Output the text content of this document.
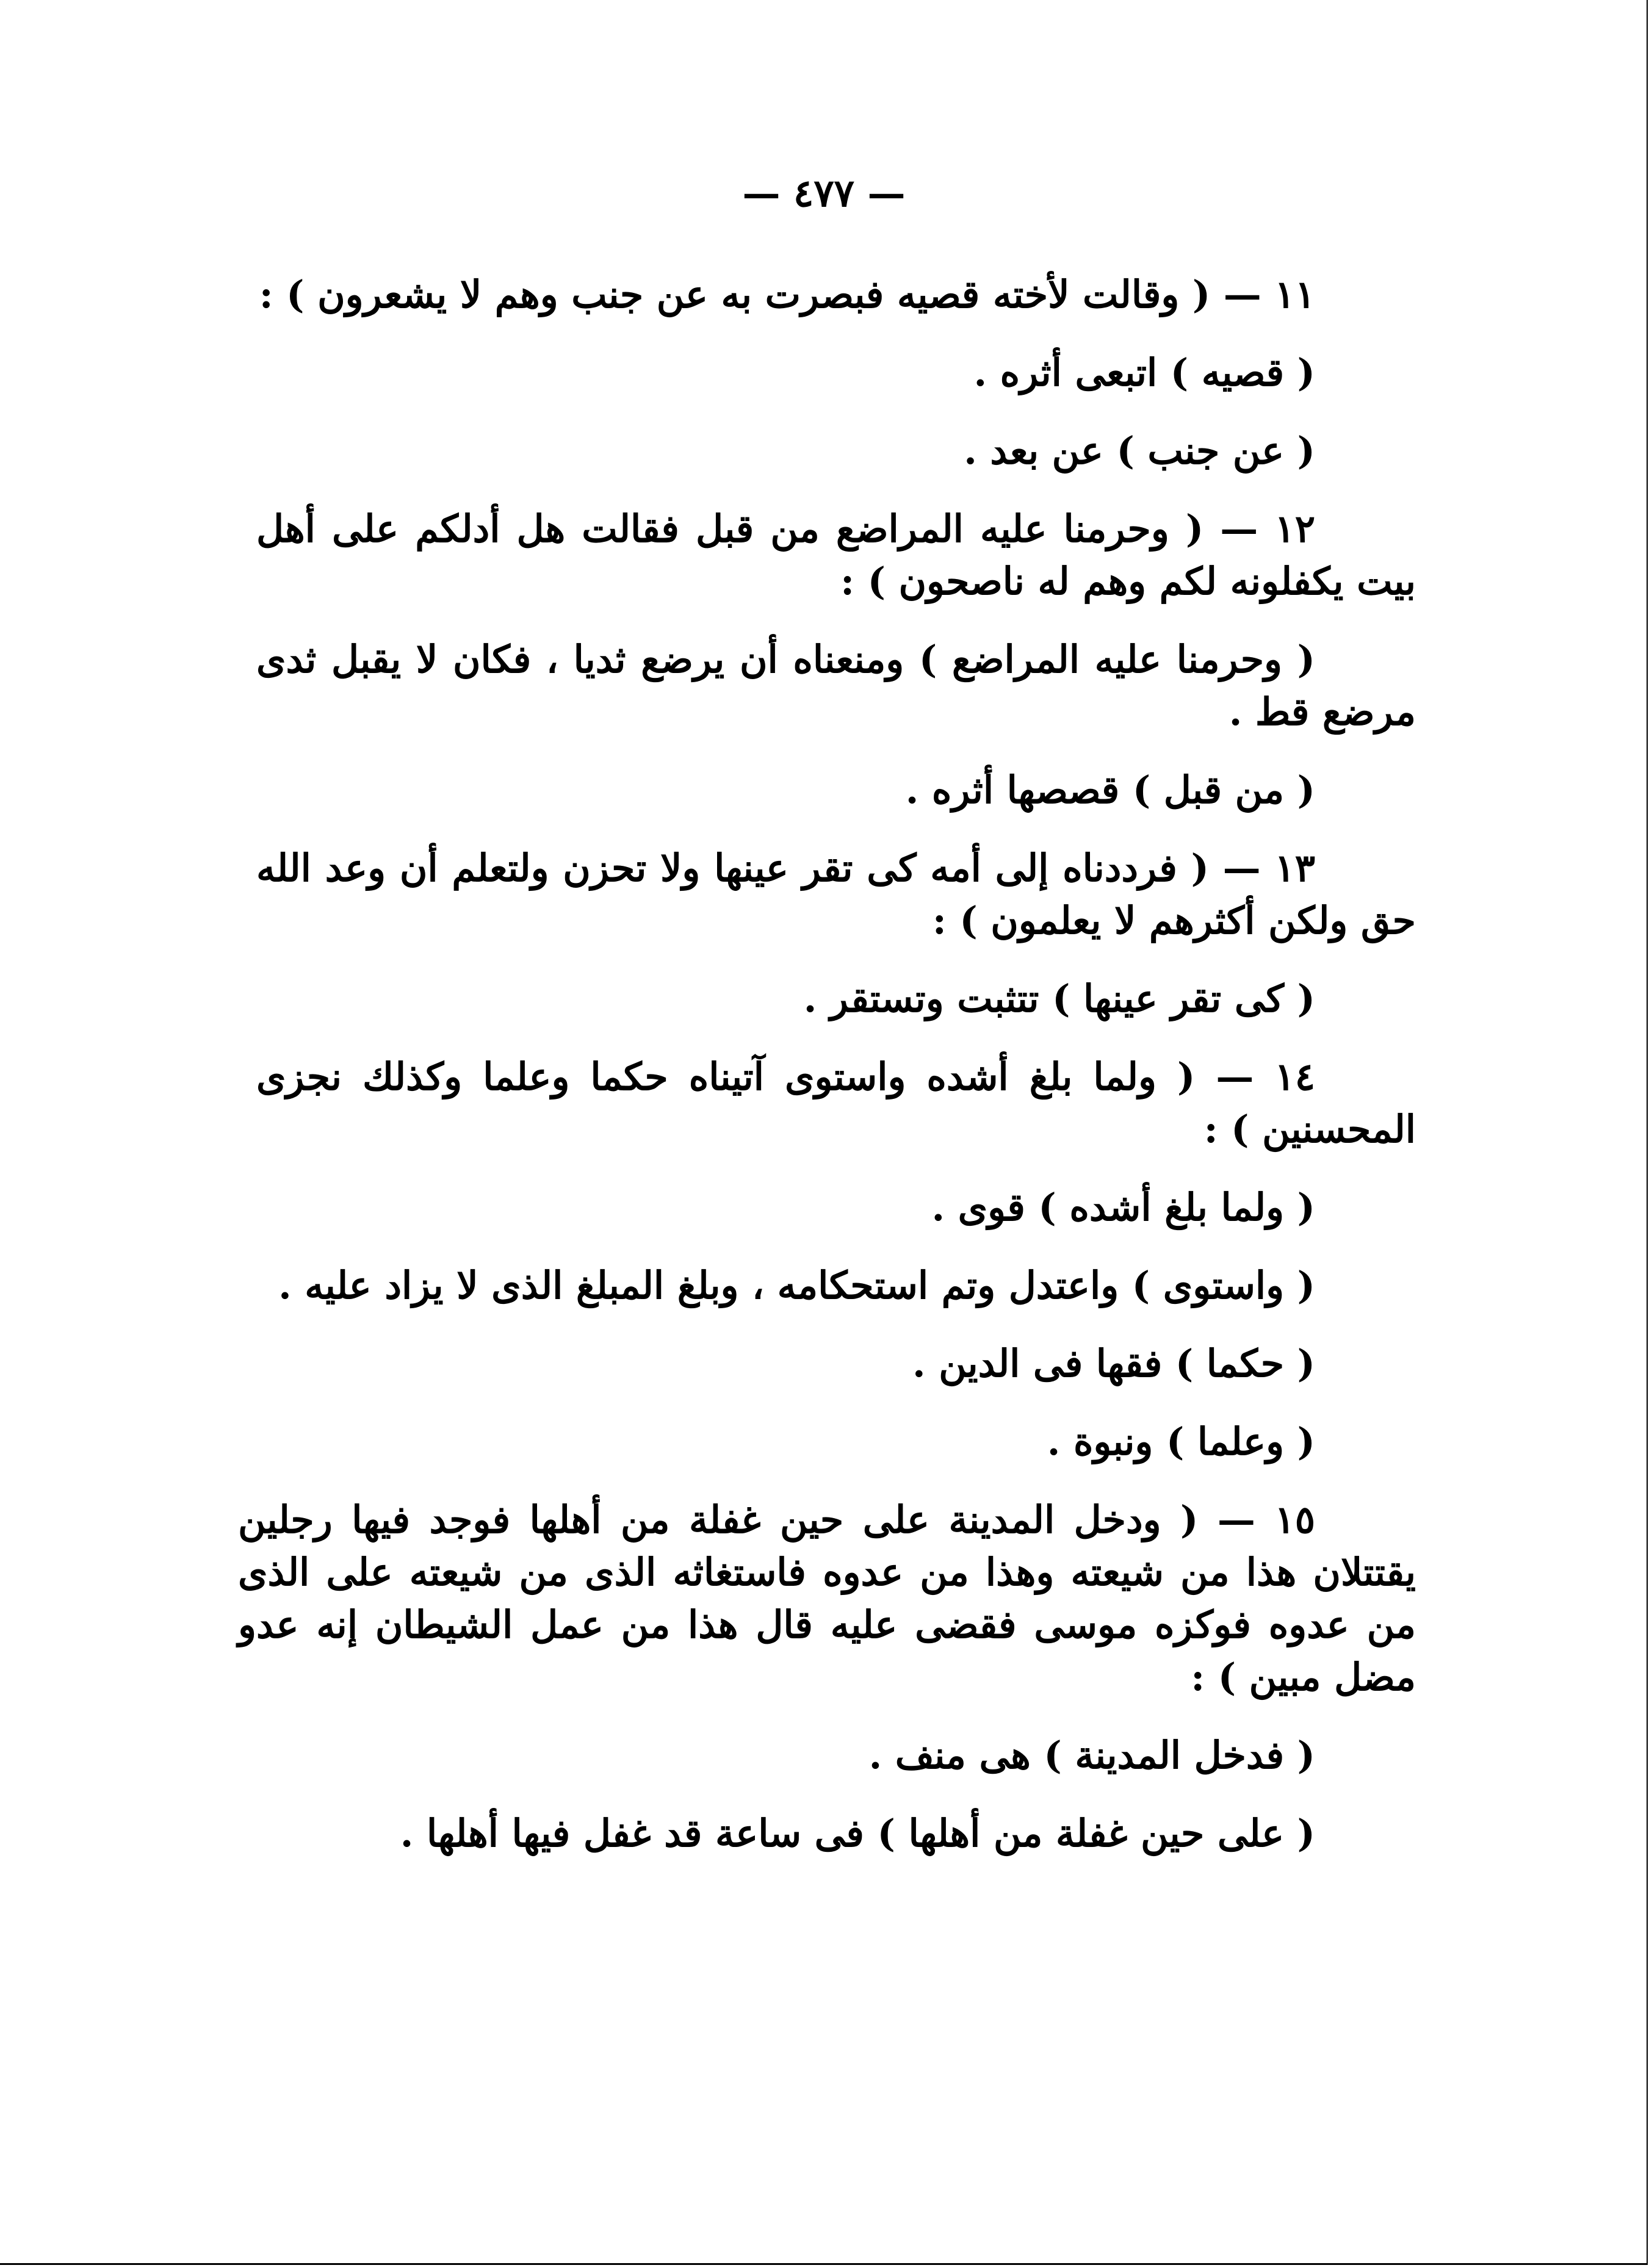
— ٤٧٧ —

١١ — ( وقالت لأخته قصيه فبصرت به عن جنب وهم لا يشعرون ) :

( قصيه ) اتبعى أثره .

( عن جنب ) عن بعد .

١٢ — ( وحرمنا عليه المراضع من قبل فقالت هل أدلكم على أهل بيت يكفلونه لكم وهم له ناصحون ) :

( وحرمنا عليه المراضع ) ومنعناه أن يرضع ثديا ، فكان لا يقبل ثدى مرضع قط .

( من قبل ) قصصها أثره .

١٣ — ( فرددناه إلى أمه كى تقر عينها ولا تحزن ولتعلم أن وعد الله حق ولكن أكثرهم لا يعلمون ) :

( كى تقر عينها ) تتثبت وتستقر .

١٤ — ( ولما بلغ أشده واستوى آتيناه حكما وعلما وكذلك نجزى المحسنين ) :

( ولما بلغ أشده ) قوى .

( واستوى ) واعتدل وتم استحكامه ، وبلغ المبلغ الذى لا يزاد عليه .

( حكما ) فقها فى الدين .

( وعلما ) ونبوة .

١٥ — ( ودخل المدينة على حين غفلة من أهلها فوجد فيها رجلين يقتتلان هذا من شيعته وهذا من عدوه فاستغاثه الذى من شيعته على الذى من عدوه فوكزه موسى فقضى عليه قال هذا من عمل الشيطان إنه عدو مضل مبين ) :

( فدخل المدينة ) هى منف .

( على حين غفلة من أهلها ) فى ساعة قد غفل فيها أهلها .
